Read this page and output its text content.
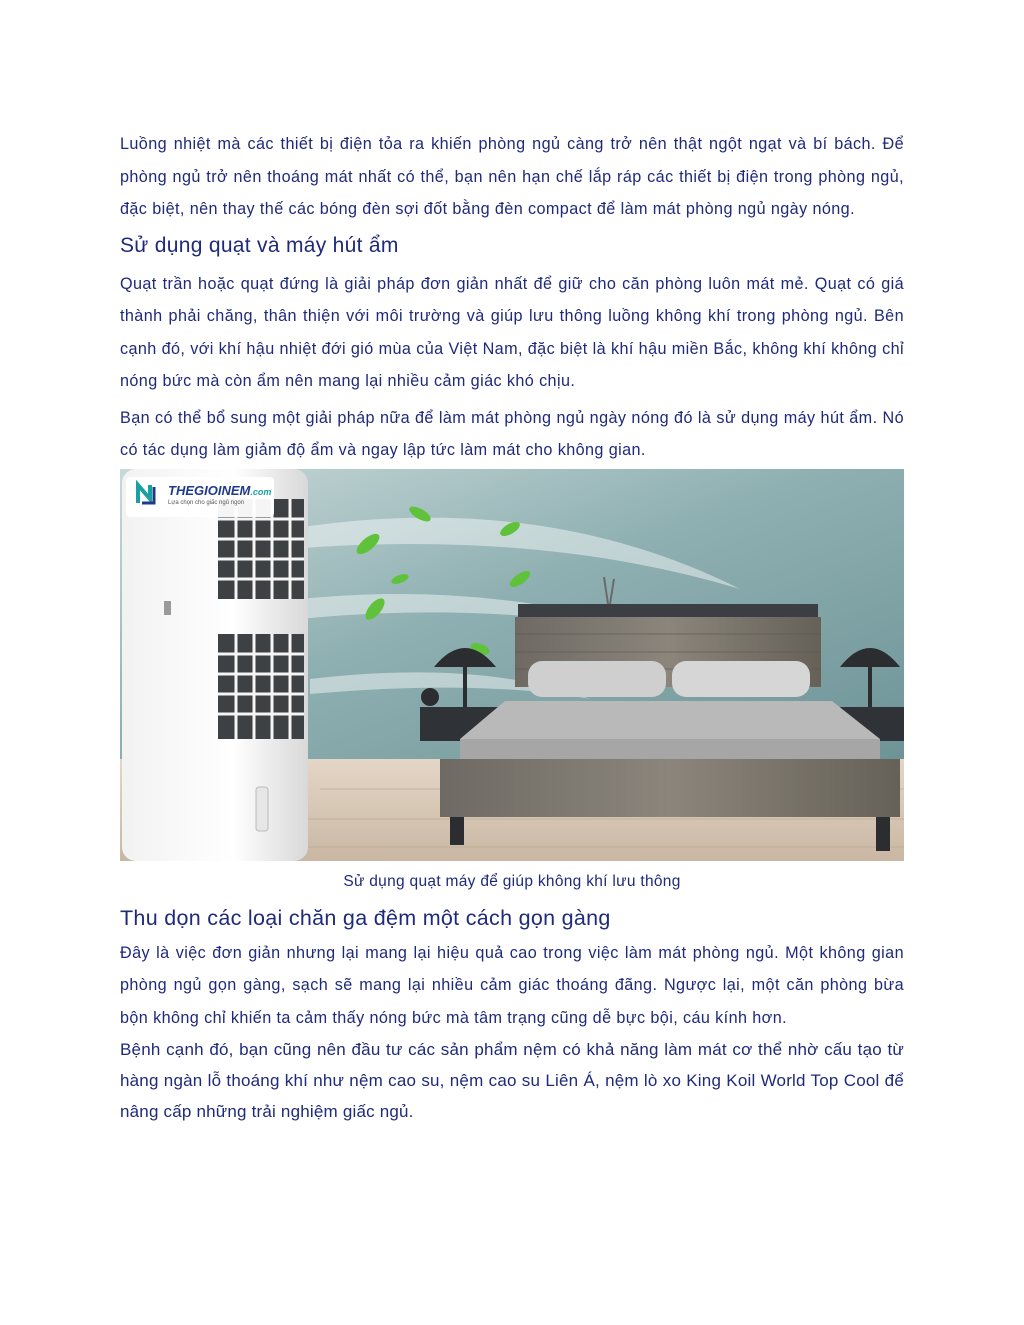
Luồng nhiệt mà các thiết bị điện tỏa ra khiến phòng ngủ càng trở nên thật ngột ngạt và bí bách. Để phòng ngủ trở nên thoáng mát nhất có thể, bạn nên hạn chế lắp ráp các thiết bị điện trong phòng ngủ, đặc biệt, nên thay thế các bóng đèn sợi đốt bằng đèn compact để làm mát phòng ngủ ngày nóng.

Sử dụng quạt và máy hút ẩm

Quạt trần hoặc quạt đứng là giải pháp đơn giản nhất để giữ cho căn phòng luôn mát mẻ. Quạt có giá thành phải chăng, thân thiện với môi trường và giúp lưu thông luồng không khí trong phòng ngủ. Bên cạnh đó, với khí hậu nhiệt đới gió mùa của Việt Nam, đặc biệt là khí hậu miền Bắc, không khí không chỉ nóng bức mà còn ẩm nên mang lại nhiều cảm giác khó chịu.

Bạn có thể bổ sung một giải pháp nữa để làm mát phòng ngủ ngày nóng đó là sử dụng máy hút ẩm. Nó có tác dụng làm giảm độ ẩm và ngay lập tức làm mát cho không gian.

THEGIOINEM.com
Lựa chọn cho giấc ngủ ngon
Sử dụng quạt máy để giúp không khí lưu thông
Thu dọn các loại chăn ga đệm một cách gọn gàng

Đây là việc đơn giản nhưng lại mang lại hiệu quả cao trong việc làm mát phòng ngủ. Một không gian phòng ngủ gọn gàng, sạch sẽ mang lại nhiều cảm giác thoáng đãng. Ngược lại, một căn phòng bừa bộn không chỉ khiến ta cảm thấy nóng bức mà tâm trạng cũng dễ bực bội, cáu kính hơn.

Bệnh cạnh đó, bạn cũng nên đầu tư các sản phẩm nệm có khả năng làm mát cơ thể nhờ cấu tạo từ hàng ngàn lỗ thoáng khí như nệm cao su, nệm cao su Liên Á, nệm lò xo King Koil World Top Cool để nâng cấp những trải nghiệm giấc ngủ.
